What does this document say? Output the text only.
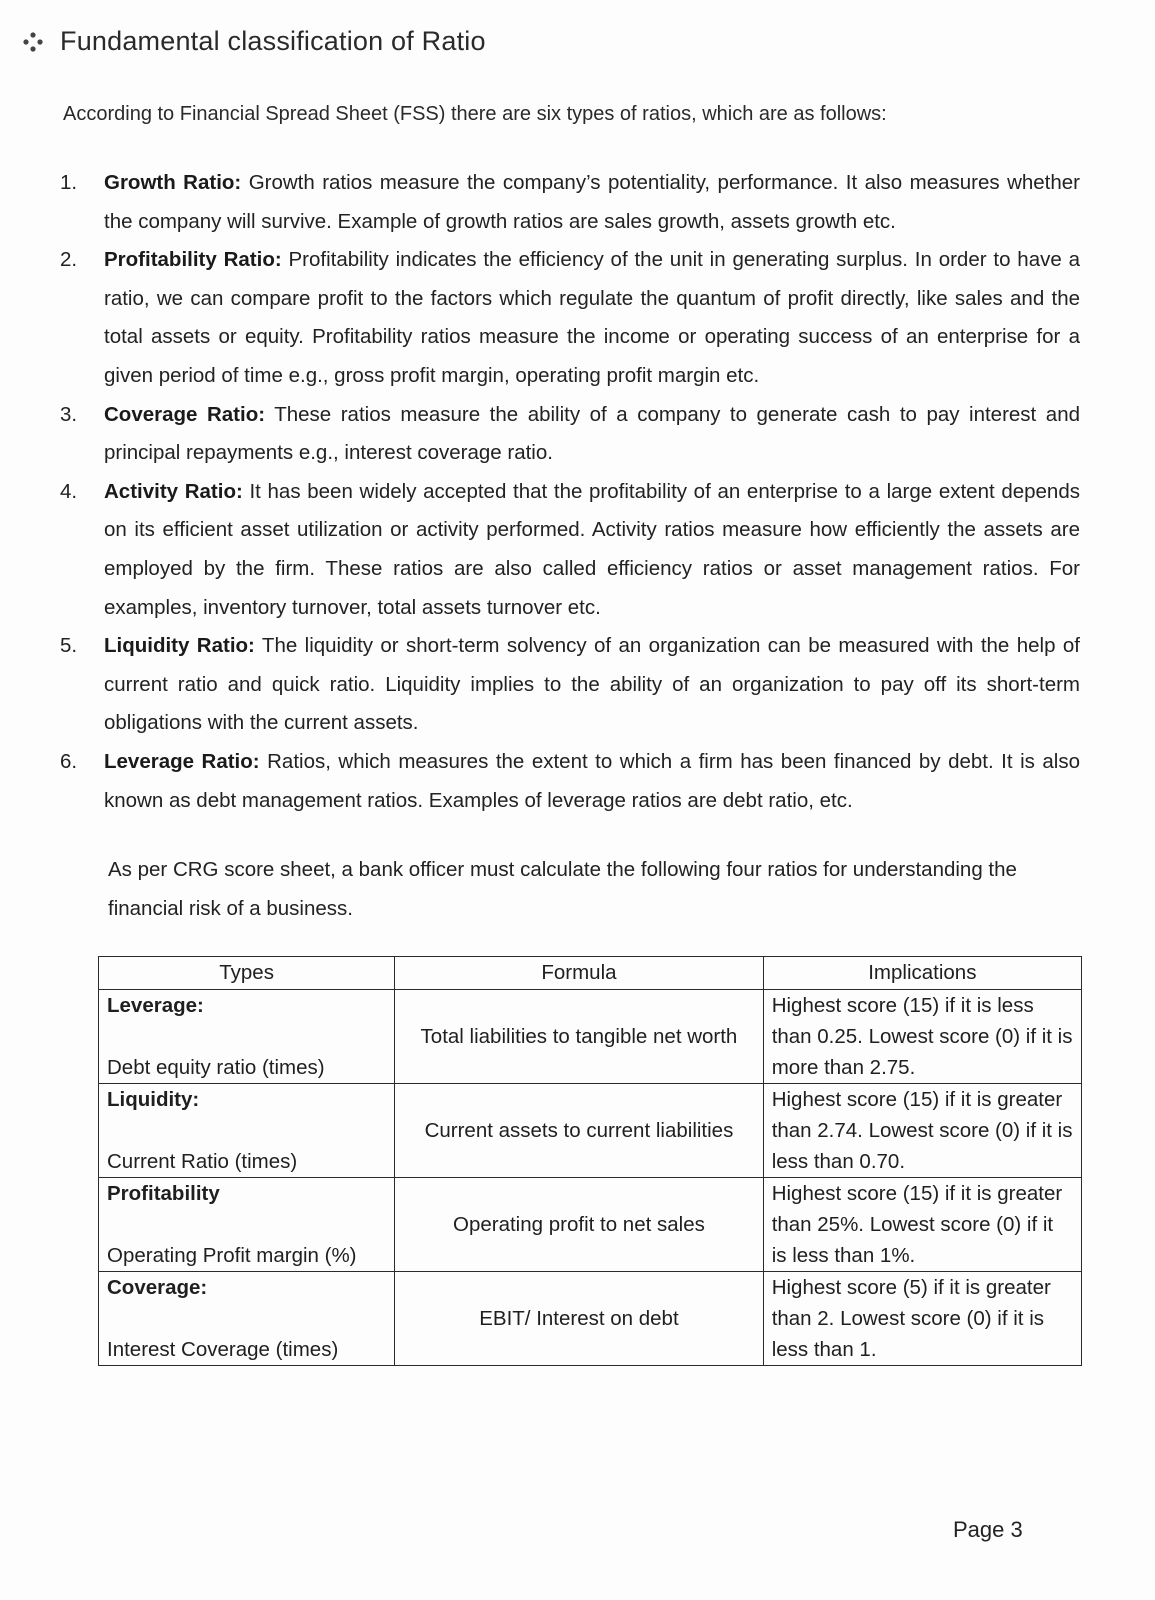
Fundamental classification of Ratio
According to Financial Spread Sheet (FSS) there are six types of ratios, which are as follows:
1.	Growth Ratio: Growth ratios measure the company’s potentiality, performance. It also measures whether the company will survive. Example of growth ratios are sales growth, assets growth etc.
2.	Profitability Ratio: Profitability indicates the efficiency of the unit in generating surplus. In order to have a ratio, we can compare profit to the factors which regulate the quantum of profit directly, like sales and the total assets or equity. Profitability ratios measure the income or operating success of an enterprise for a given period of time e.g., gross profit margin, operating profit margin etc.
3.	Coverage Ratio: These ratios measure the ability of a company to generate cash to pay interest and principal repayments e.g., interest coverage ratio.
4.	Activity Ratio: It has been widely accepted that the profitability of an enterprise to a large extent depends on its efficient asset utilization or activity performed. Activity ratios measure how efficiently the assets are employed by the firm. These ratios are also called efficiency ratios or asset management ratios. For examples, inventory turnover, total assets turnover etc.
5.	Liquidity Ratio: The liquidity or short-term solvency of an organization can be measured with the help of current ratio and quick ratio. Liquidity implies to the ability of an organization to pay off its short-term obligations with the current assets.
6.	Leverage Ratio: Ratios, which measures the extent to which a firm has been financed by debt. It is also known as debt management ratios. Examples of leverage ratios are debt ratio, etc.
As per CRG score sheet, a bank officer must calculate the following four ratios for understanding the financial risk of a business.
Types	Formula	Implications

Leverage:
Debt equity ratio (times)	Total liabilities to tangible net worth	Highest score (15) if it is less than 0.25. Lowest score (0) if it is more than 2.75.

Liquidity:
Current Ratio (times)	Current assets to current liabilities	Highest score (15) if it is greater than 2.74. Lowest score (0) if it is less than 0.70.

Profitability
Operating Profit margin (%)	Operating profit to net sales	Highest score (15) if it is greater than 25%. Lowest score (0) if it is less than 1%.

Coverage:
Interest Coverage (times)	EBIT/ Interest on debt	Highest score (5) if it is greater than 2. Lowest score (0) if it is less than 1.
Page 3
